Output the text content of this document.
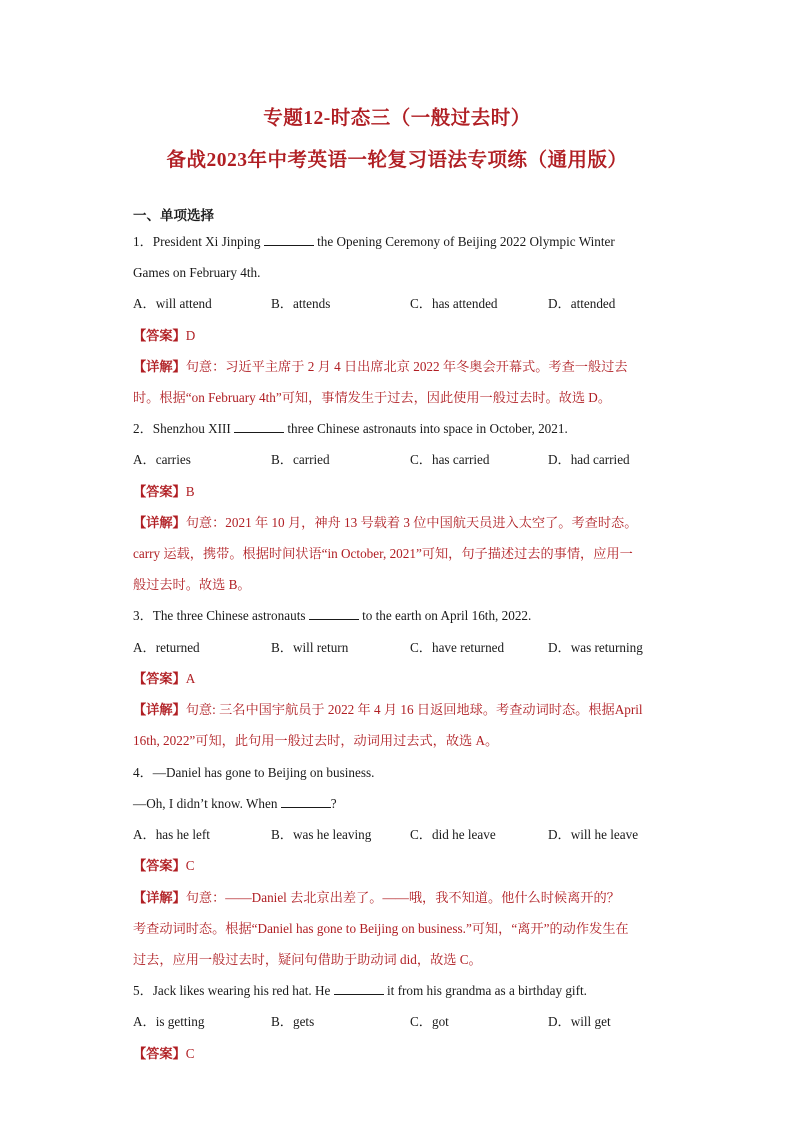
专题12-时态三（一般过去时）
备战2023年中考英语一轮复习语法专项练（通用版）
一、单项选择
1．President Xi Jinping	the Opening Ceremony of Beijing 2022 Olympic Winter
Games on February 4th.
A．will attend	B．attends	C．has attended	D．attended
【答案】D
【详解】句意：习近平主席于 2 月 4 日出席北京 2022 年冬奥会开幕式。考查一般过去
时。根据“on February 4th”可知，事情发生于过去，因此使用一般过去时。故选 D。
2．Shenzhou XIII	three Chinese astronauts into space in October, 2021.
A．carries	B．carried	C．has carried	D．had carried
【答案】B
【详解】句意：2021 年 10 月，神舟 13 号载着 3 位中国航天员进入太空了。考查时态。
carry 运载，携带。根据时间状语“in October, 2021”可知，句子描述过去的事情，应用一
般过去时。故选 B。
3．The three Chinese astronauts	to the earth on April 16th, 2022.
A．returned	B．will return	C．have returned	D．was returning
【答案】A
【详解】句意: 三名中国宇航员于 2022 年 4 月 16 日返回地球。考查动词时态。根据April
16th, 2022”可知，此句用一般过去时，动词用过去式，故选 A。
4．—Daniel has gone to Beijing on business.
—Oh, I didn’t know. When	?
A．has he left	B．was he leaving	C．did he leave	D．will he leave
【答案】C
【详解】句意：——Daniel 去北京出差了。——哦，我不知道。他什么时候离开的？
考查动词时态。根据“Daniel has gone to Beijing on business.”可知，“离开”的动作发生在
过去，应用一般过去时，疑问句借助于助动词 did，故选 C。
5．Jack likes wearing his red hat. He	it from his grandma as a birthday gift.
A．is getting	B．gets	C．got	D．will get
【答案】C
